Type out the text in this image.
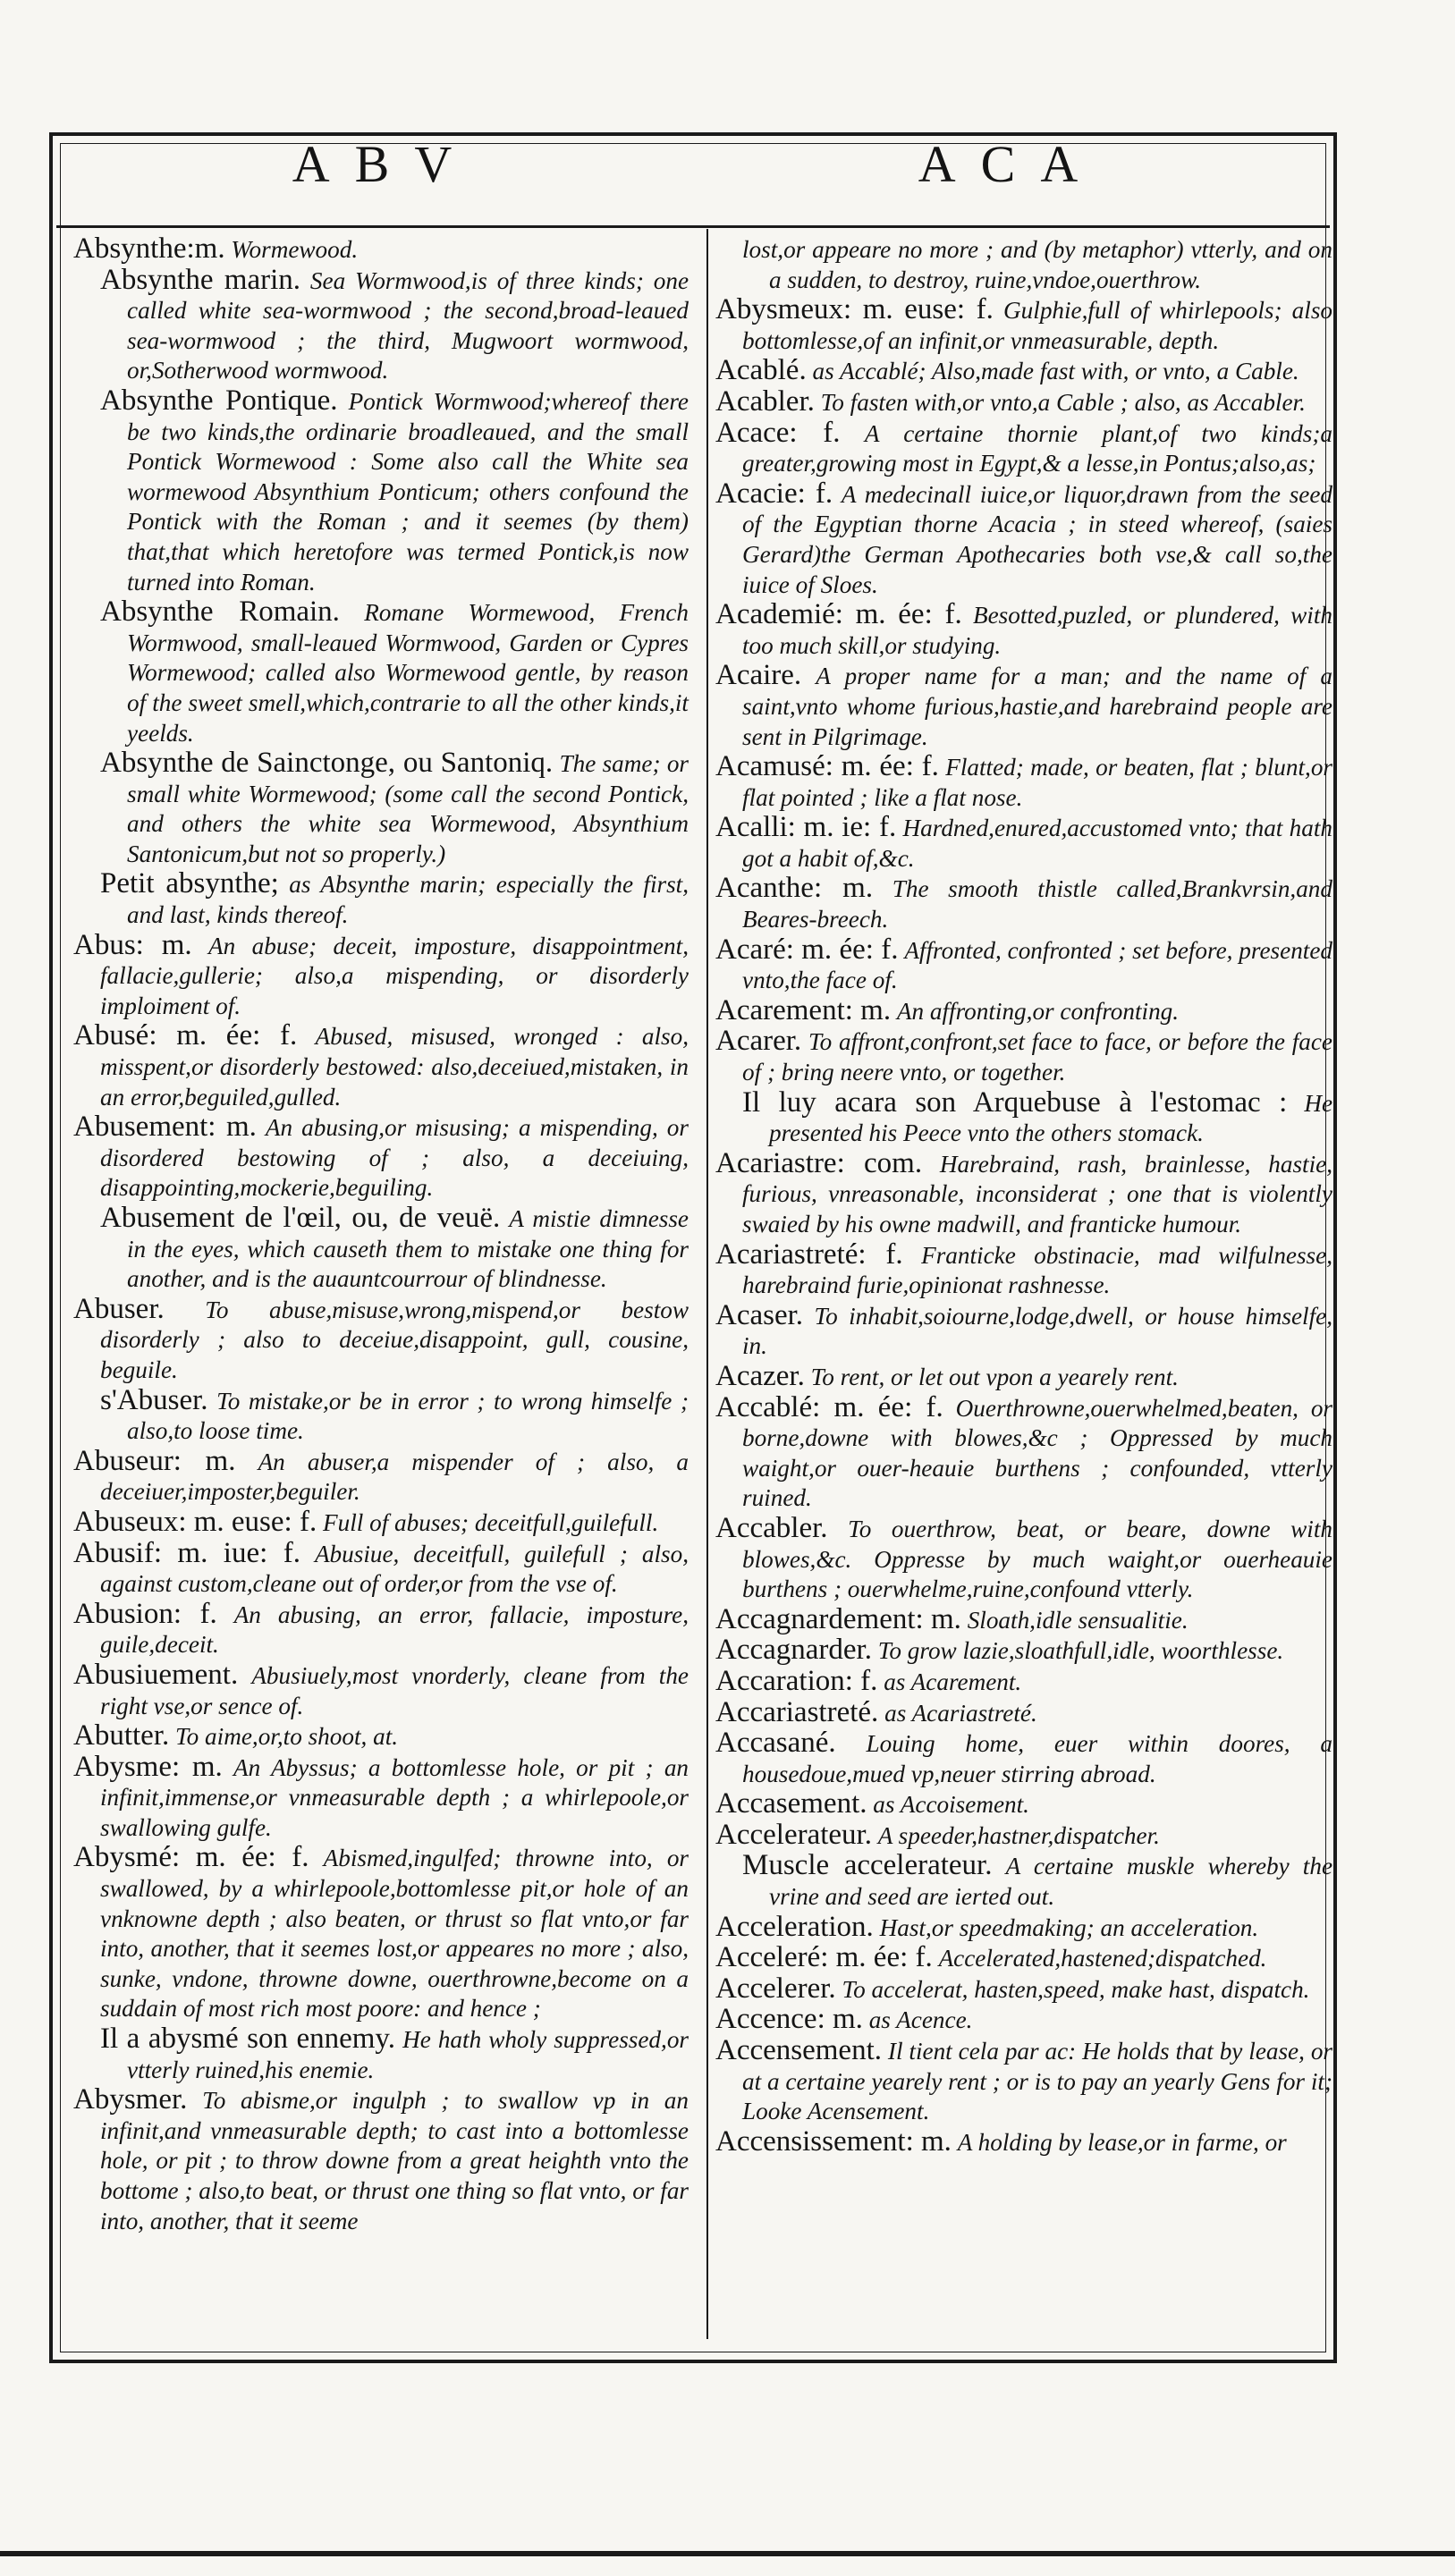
ABV	ACA

Absynthe:m. Wormewood.

Absynthe marin. Sea Wormwood,is of three kinds; one called white sea-wormwood ; the second,broad-leaued sea-wormwood ; the third, Mugwoort wormwood, or,Sotherwood wormwood.

Absynthe Pontique. Pontick Wormwood;whereof there be two kinds,the ordinarie broadleaued, and the small Pontick Wormewood : Some also call the White sea wormewood Absynthium Ponticum; others confound the Pontick with the Roman ; and it seemes (by them) that,that which heretofore was termed Pontick,is now turned into Roman.

Absynthe Romain. Romane Wormewood, French Wormwood, small-leaued Wormwood, Garden or Cypres Wormewood; called also Wormewood gentle, by reason of the sweet smell,which,contrarie to all the other kinds,it yeelds.

Absynthe de Sainctonge, ou Santoniq. The same; or small white Wormewood; (some call the second Pontick, and others the white sea Wormewood, Absynthium Santonicum,but not so properly.)

Petit absynthe; as Absynthe marin; especially the first, and last, kinds thereof.

Abus: m. An abuse; deceit, imposture, disappointment, fallacie,gullerie; also,a mispending, or disorderly imploiment of.

Abusé: m. ée: f. Abused, misused, wronged : also, misspent,or disorderly bestowed: also,deceiued,mistaken, in an error,beguiled,gulled.

Abusement: m. An abusing,or misusing; a mispending, or disordered bestowing of ; also, a deceiuing, disappointing,mockerie,beguiling.

Abusement de l'œil, ou, de veuë. A mistie dimnesse in the eyes, which causeth them to mistake one thing for another, and is the auauntcourrour of blindnesse.

Abuser. To abuse,misuse,wrong,mispend,or bestow disorderly ; also to deceiue,disappoint, gull, cousine, beguile.

s'Abuser. To mistake,or be in error ; to wrong himselfe ; also,to loose time.

Abuseur: m. An abuser,a mispender of ; also, a deceiuer,imposter,beguiler.

Abuseux: m. euse: f. Full of abuses; deceitfull,guilefull.

Abusif: m. iue: f. Abusiue, deceitfull, guilefull ; also, against custom,cleane out of order,or from the vse of.

Abusion: f. An abusing, an error, fallacie, imposture, guile,deceit.

Abusiuement. Abusiuely,most vnorderly, cleane from the right vse,or sence of.

Abutter. To aime,or,to shoot, at.

Abysme: m. An Abyssus; a bottomlesse hole, or pit ; an infinit,immense,or vnmeasurable depth ; a whirlepoole,or swallowing gulfe.

Abysmé: m. ée: f. Abismed,ingulfed; throwne into, or swallowed, by a whirlepoole,bottomlesse pit,or hole of an vnknowne depth ; also beaten, or thrust so flat vnto,or far into, another, that it seemes lost,or appeares no more ; also, sunke, vndone, throwne downe, ouerthrowne,become on a suddain of most rich most poore: and hence ;

Il a abysmé son ennemy. He hath wholy suppressed,or vtterly ruined,his enemie.

Abysmer. To abisme,or ingulph ; to swallow vp in an infinit,and vnmeasurable depth; to cast into a bottomlesse hole, or pit ; to throw downe from a great heighth vnto the bottome ; also,to beat, or thrust one thing so flat vnto, or far into, another, that it seeme

lost,or appeare no more ; and (by metaphor) vtterly, and on a sudden, to destroy, ruine,vndoe,ouerthrow.

Abysmeux: m. euse: f. Gulphie,full of whirlepools; also bottomlesse,of an infinit,or vnmeasurable, depth.

Acablé. as Accablé; Also,made fast with, or vnto, a Cable.

Acabler. To fasten with,or vnto,a Cable ; also, as Accabler.

Acace: f. A certaine thornie plant,of two kinds;a greater,growing most in Egypt,& a lesse,in Pontus;also,as;

Acacie: f. A medecinall iuice,or liquor,drawn from the seed of the Egyptian thorne Acacia ; in steed whereof, (saies Gerard)the German Apothecaries both vse,& call so,the iuice of Sloes.

Academié: m. ée: f. Besotted,puzled, or plundered, with too much skill,or studying.

Acaire. A proper name for a man; and the name of a saint,vnto whome furious,hastie,and harebraind people are sent in Pilgrimage.

Acamusé: m. ée: f. Flatted; made, or beaten, flat ; blunt,or flat pointed ; like a flat nose.

Acalli: m. ie: f. Hardned,enured,accustomed vnto; that hath got a habit of,&c.

Acanthe: m. The smooth thistle called,Brankvrsin,and Beares-breech.

Acaré: m. ée: f. Affronted, confronted ; set before, presented vnto,the face of.

Acarement: m. An affronting,or confronting.

Acarer. To affront,confront,set face to face, or before the face of ; bring neere vnto, or together.

Il luy acara son Arquebuse à l'estomac : He presented his Peece vnto the others stomack.

Acariastre: com. Harebraind, rash, brainlesse, hastie, furious, vnreasonable, inconsiderat ; one that is violently swaied by his owne madwill, and franticke humour.

Acariastreté: f. Franticke obstinacie, mad wilfulnesse, harebraind furie,opinionat rashnesse.

Acaser. To inhabit,soiourne,lodge,dwell, or house himselfe, in.

Acazer. To rent, or let out vpon a yearely rent.

Accablé: m. ée: f. Ouerthrowne,ouerwhelmed,beaten, or borne,downe with blowes,&c ; Oppressed by much waight,or ouer-heauie burthens ; confounded, vtterly ruined.

Accabler. To ouerthrow, beat, or beare, downe with blowes,&c. Oppresse by much waight,or ouerheauie burthens ; ouerwhelme,ruine,confound vtterly.

Accagnardement: m. Sloath,idle sensualitie.

Accagnarder. To grow lazie,sloathfull,idle, woorthlesse.

Accaration: f. as Acarement.

Accariastreté. as Acariastreté.

Accasané. Louing home, euer within doores, a housedoue,mued vp,neuer stirring abroad.

Accasement. as Accoisement.

Accelerateur. A speeder,hastner,dispatcher.

Muscle accelerateur. A certaine muskle whereby the vrine and seed are ierted out.

Acceleration. Hast,or speedmaking; an acceleration.

Acceleré: m. ée: f. Accelerated,hastened;dispatched.

Accelerer. To accelerat, hasten,speed, make hast, dispatch.

Accence: m. as Acence.

Accensement. Il tient cela par ac: He holds that by lease, or at a certaine yearely rent ; or is to pay an yearly Gens for it; Looke Acensement.

Accensissement: m. A holding by lease,or in farme, or
